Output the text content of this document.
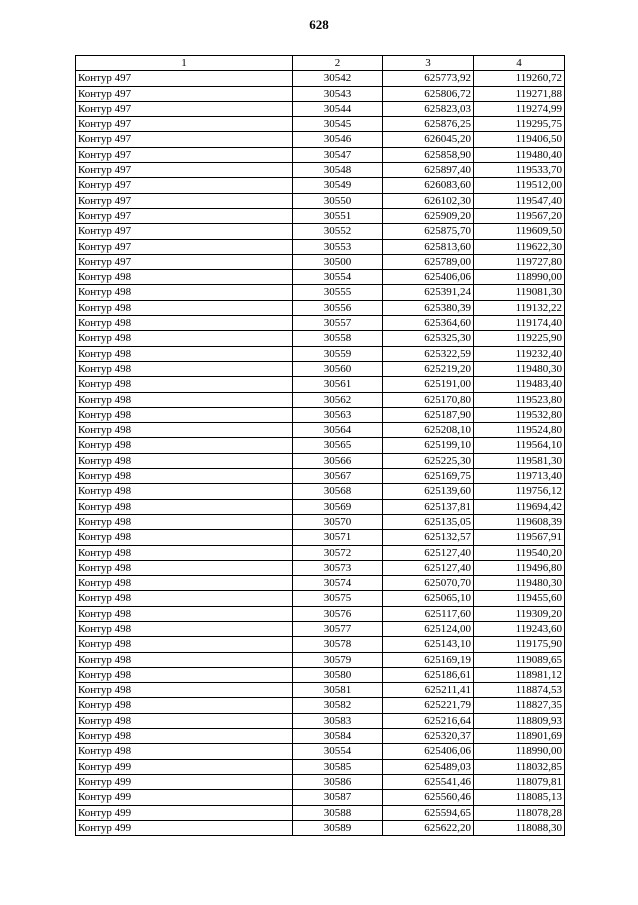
628
1	2	3	4
Контур 497	30542	625773,92	119260,72
Контур 497	30543	625806,72	119271,88
Контур 497	30544	625823,03	119274,99
Контур 497	30545	625876,25	119295,75
Контур 497	30546	626045,20	119406,50
Контур 497	30547	625858,90	119480,40
Контур 497	30548	625897,40	119533,70
Контур 497	30549	626083,60	119512,00
Контур 497	30550	626102,30	119547,40
Контур 497	30551	625909,20	119567,20
Контур 497	30552	625875,70	119609,50
Контур 497	30553	625813,60	119622,30
Контур 497	30500	625789,00	119727,80
Контур 498	30554	625406,06	118990,00
Контур 498	30555	625391,24	119081,30
Контур 498	30556	625380,39	119132,22
Контур 498	30557	625364,60	119174,40
Контур 498	30558	625325,30	119225,90
Контур 498	30559	625322,59	119232,40
Контур 498	30560	625219,20	119480,30
Контур 498	30561	625191,00	119483,40
Контур 498	30562	625170,80	119523,80
Контур 498	30563	625187,90	119532,80
Контур 498	30564	625208,10	119524,80
Контур 498	30565	625199,10	119564,10
Контур 498	30566	625225,30	119581,30
Контур 498	30567	625169,75	119713,40
Контур 498	30568	625139,60	119756,12
Контур 498	30569	625137,81	119694,42
Контур 498	30570	625135,05	119608,39
Контур 498	30571	625132,57	119567,91
Контур 498	30572	625127,40	119540,20
Контур 498	30573	625127,40	119496,80
Контур 498	30574	625070,70	119480,30
Контур 498	30575	625065,10	119455,60
Контур 498	30576	625117,60	119309,20
Контур 498	30577	625124,00	119243,60
Контур 498	30578	625143,10	119175,90
Контур 498	30579	625169,19	119089,65
Контур 498	30580	625186,61	118981,12
Контур 498	30581	625211,41	118874,53
Контур 498	30582	625221,79	118827,35
Контур 498	30583	625216,64	118809,93
Контур 498	30584	625320,37	118901,69
Контур 498	30554	625406,06	118990,00
Контур 499	30585	625489,03	118032,85
Контур 499	30586	625541,46	118079,81
Контур 499	30587	625560,46	118085,13
Контур 499	30588	625594,65	118078,28
Контур 499	30589	625622,20	118088,30
